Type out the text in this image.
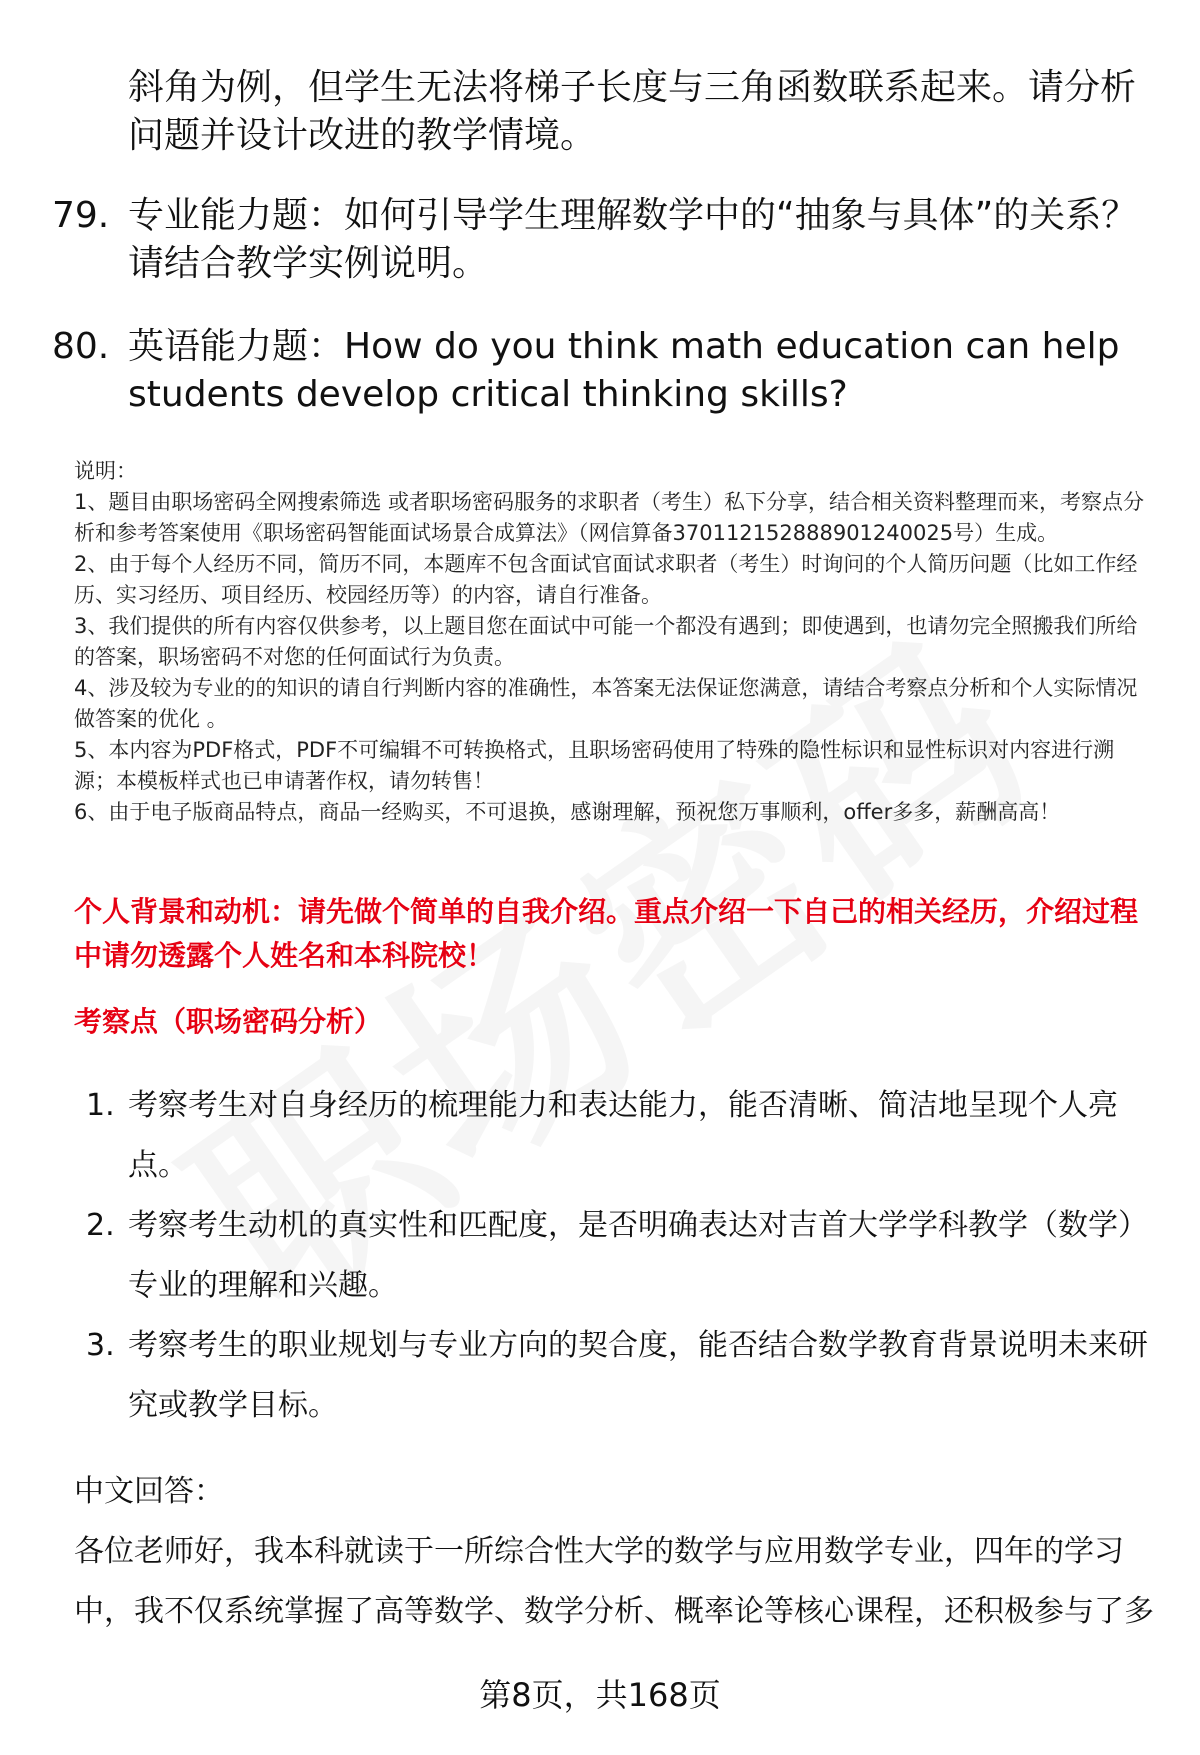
斜角为例，但学生无法将梯子长度与三角函数联系起来。请分析问题并设计改进的教学情境。
79. 专业能力题：如何引导学生理解数学中的“抽象与具体”的关系？请结合教学实例说明。
80. 英语能力题：How do you think math education can help students develop critical thinking skills?
说明：
1、题目由职场密码全网搜索筛选 或者职场密码服务的求职者（考生）私下分享，结合相关资料整理而来，考察点分析和参考答案使用《职场密码智能面试场景合成算法》（网信算备370112152888901240025号）生成。
2、由于每个人经历不同，简历不同，本题库不包含面试官面试求职者（考生）时询问的个人简历问题（比如工作经历、实习经历、项目经历、校园经历等）的内容，请自行准备。
3、我们提供的所有内容仅供参考，以上题目您在面试中可能一个都没有遇到；即使遇到，也请勿完全照搬我们所给的答案，职场密码不对您的任何面试行为负责。
4、涉及较为专业的的知识的请自行判断内容的准确性，本答案无法保证您满意，请结合考察点分析和个人实际情况做答案的优化 。
5、本内容为PDF格式，PDF不可编辑不可转换格式，且职场密码使用了特殊的隐性标识和显性标识对内容进行溯源；本模板样式也已申请著作权，请勿转售！
6、由于电子版商品特点，商品一经购买，不可退换，感谢理解，预祝您万事顺利，offer多多，薪酬高高！
个人背景和动机：请先做个简单的自我介绍。重点介绍一下自己的相关经历，介绍过程中请勿透露个人姓名和本科院校！
考察点（职场密码分析）
1. 考察考生对自身经历的梳理能力和表达能力，能否清晰、简洁地呈现个人亮点。
2. 考察考生动机的真实性和匹配度，是否明确表达对吉首大学学科教学（数学）专业的理解和兴趣。
3. 考察考生的职业规划与专业方向的契合度，能否结合数学教育背景说明未来研究或教学目标。
中文回答：
各位老师好，我本科就读于一所综合性大学的数学与应用数学专业，四年的学习中，我不仅系统掌握了高等数学、数学分析、概率论等核心课程，还积极参与了多
第8页，共168页
